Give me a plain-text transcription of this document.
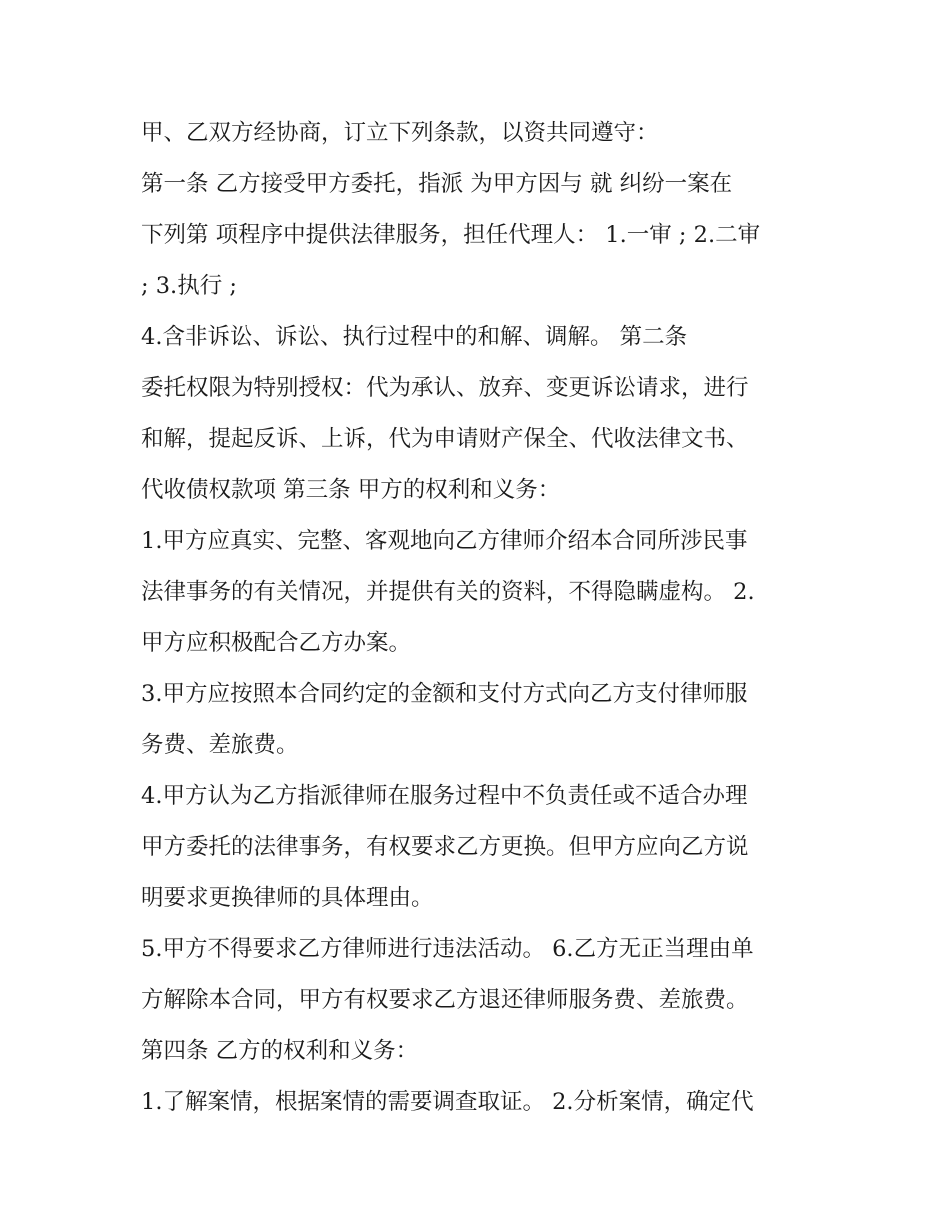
甲、乙双方经协商，订立下列条款，以资共同遵守：
第一条 乙方接受甲方委托，指派 为甲方因与 就 纠纷一案在
下列第 项程序中提供法律服务，担任代理人： 1.一审 ; 2.二审
; 3.执行 ;
4.含非诉讼、诉讼、执行过程中的和解、调解。 第二条
委托权限为特别授权：代为承认、放弃、变更诉讼请求，进行
和解，提起反诉、上诉，代为申请财产保全、代收法律文书、
代收债权款项 第三条 甲方的权利和义务：
1.甲方应真实、完整、客观地向乙方律师介绍本合同所涉民事
法律事务的有关情况，并提供有关的资料，不得隐瞒虚构。 2.
甲方应积极配合乙方办案。
3.甲方应按照本合同约定的金额和支付方式向乙方支付律师服
务费、差旅费。
4.甲方认为乙方指派律师在服务过程中不负责任或不适合办理
甲方委托的法律事务，有权要求乙方更换。但甲方应向乙方说
明要求更换律师的具体理由。
5.甲方不得要求乙方律师进行违法活动。 6.乙方无正当理由单
方解除本合同，甲方有权要求乙方退还律师服务费、差旅费。
第四条 乙方的权利和义务：
1.了解案情，根据案情的需要调查取证。 2.分析案情，确定代
